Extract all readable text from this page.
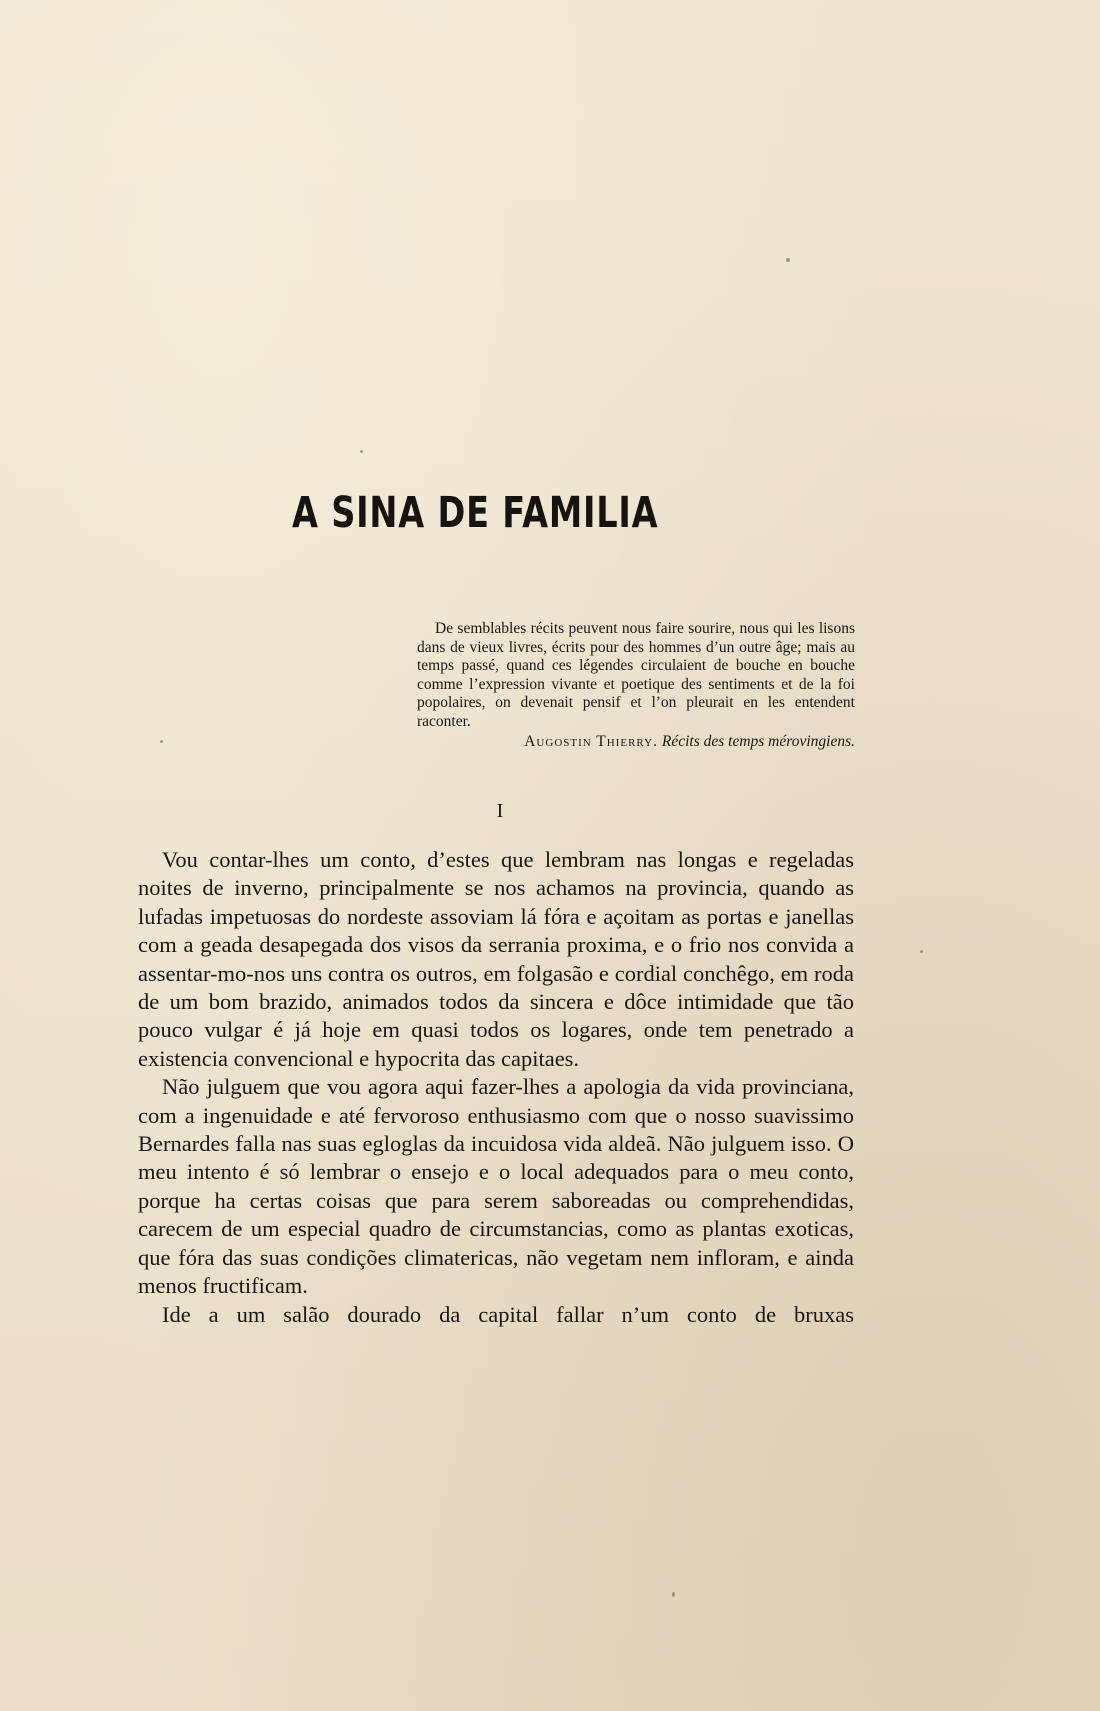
A SINA DE FAMILIA

De semblables récits peuvent nous faire sourire, nous qui les lisons dans de vieux livres, écrits pour des hommes d’un outre âge; mais au temps passé, quand ces légendes circulaient de bouche en bouche comme l’expression vivante et poetique des sentiments et de la foi popolaires, on devenait pensif et l’on pleurait en les entendent raconter.

Augostin Thierry. Récits des temps mérovingiens.
I

Vou contar-lhes um conto, d’estes que lembram nas longas e regeladas noites de inverno, principalmente se nos achamos na provincia, quando as lufadas impetuosas do nordeste assoviam lá fóra e açoitam as portas e janellas com a geada desapegada dos visos da serrania proxima, e o frio nos convida a assentar-mo-nos uns contra os outros, em folgasão e cordial conchêgo, em roda de um bom brazido, animados todos da sincera e dôce intimidade que tão pouco vulgar é já hoje em quasi todos os logares, onde tem penetrado a existencia convencional e hypocrita das capitaes.

Não julguem que vou agora aqui fazer-lhes a apologia da vida provinciana, com a ingenuidade e até fervoroso enthusiasmo com que o nosso suavissimo Bernardes falla nas suas egloglas da incuidosa vida aldeã. Não julguem isso. O meu intento é só lembrar o ensejo e o local adequados para o meu conto, porque ha certas coisas que para serem saboreadas ou comprehendidas, carecem de um especial quadro de circumstancias, como as plantas exoticas, que fóra das suas condições climatericas, não vegetam nem infloram, e ainda menos fructificam.

Ide a um salão dourado da capital fallar n’um conto de bruxas
